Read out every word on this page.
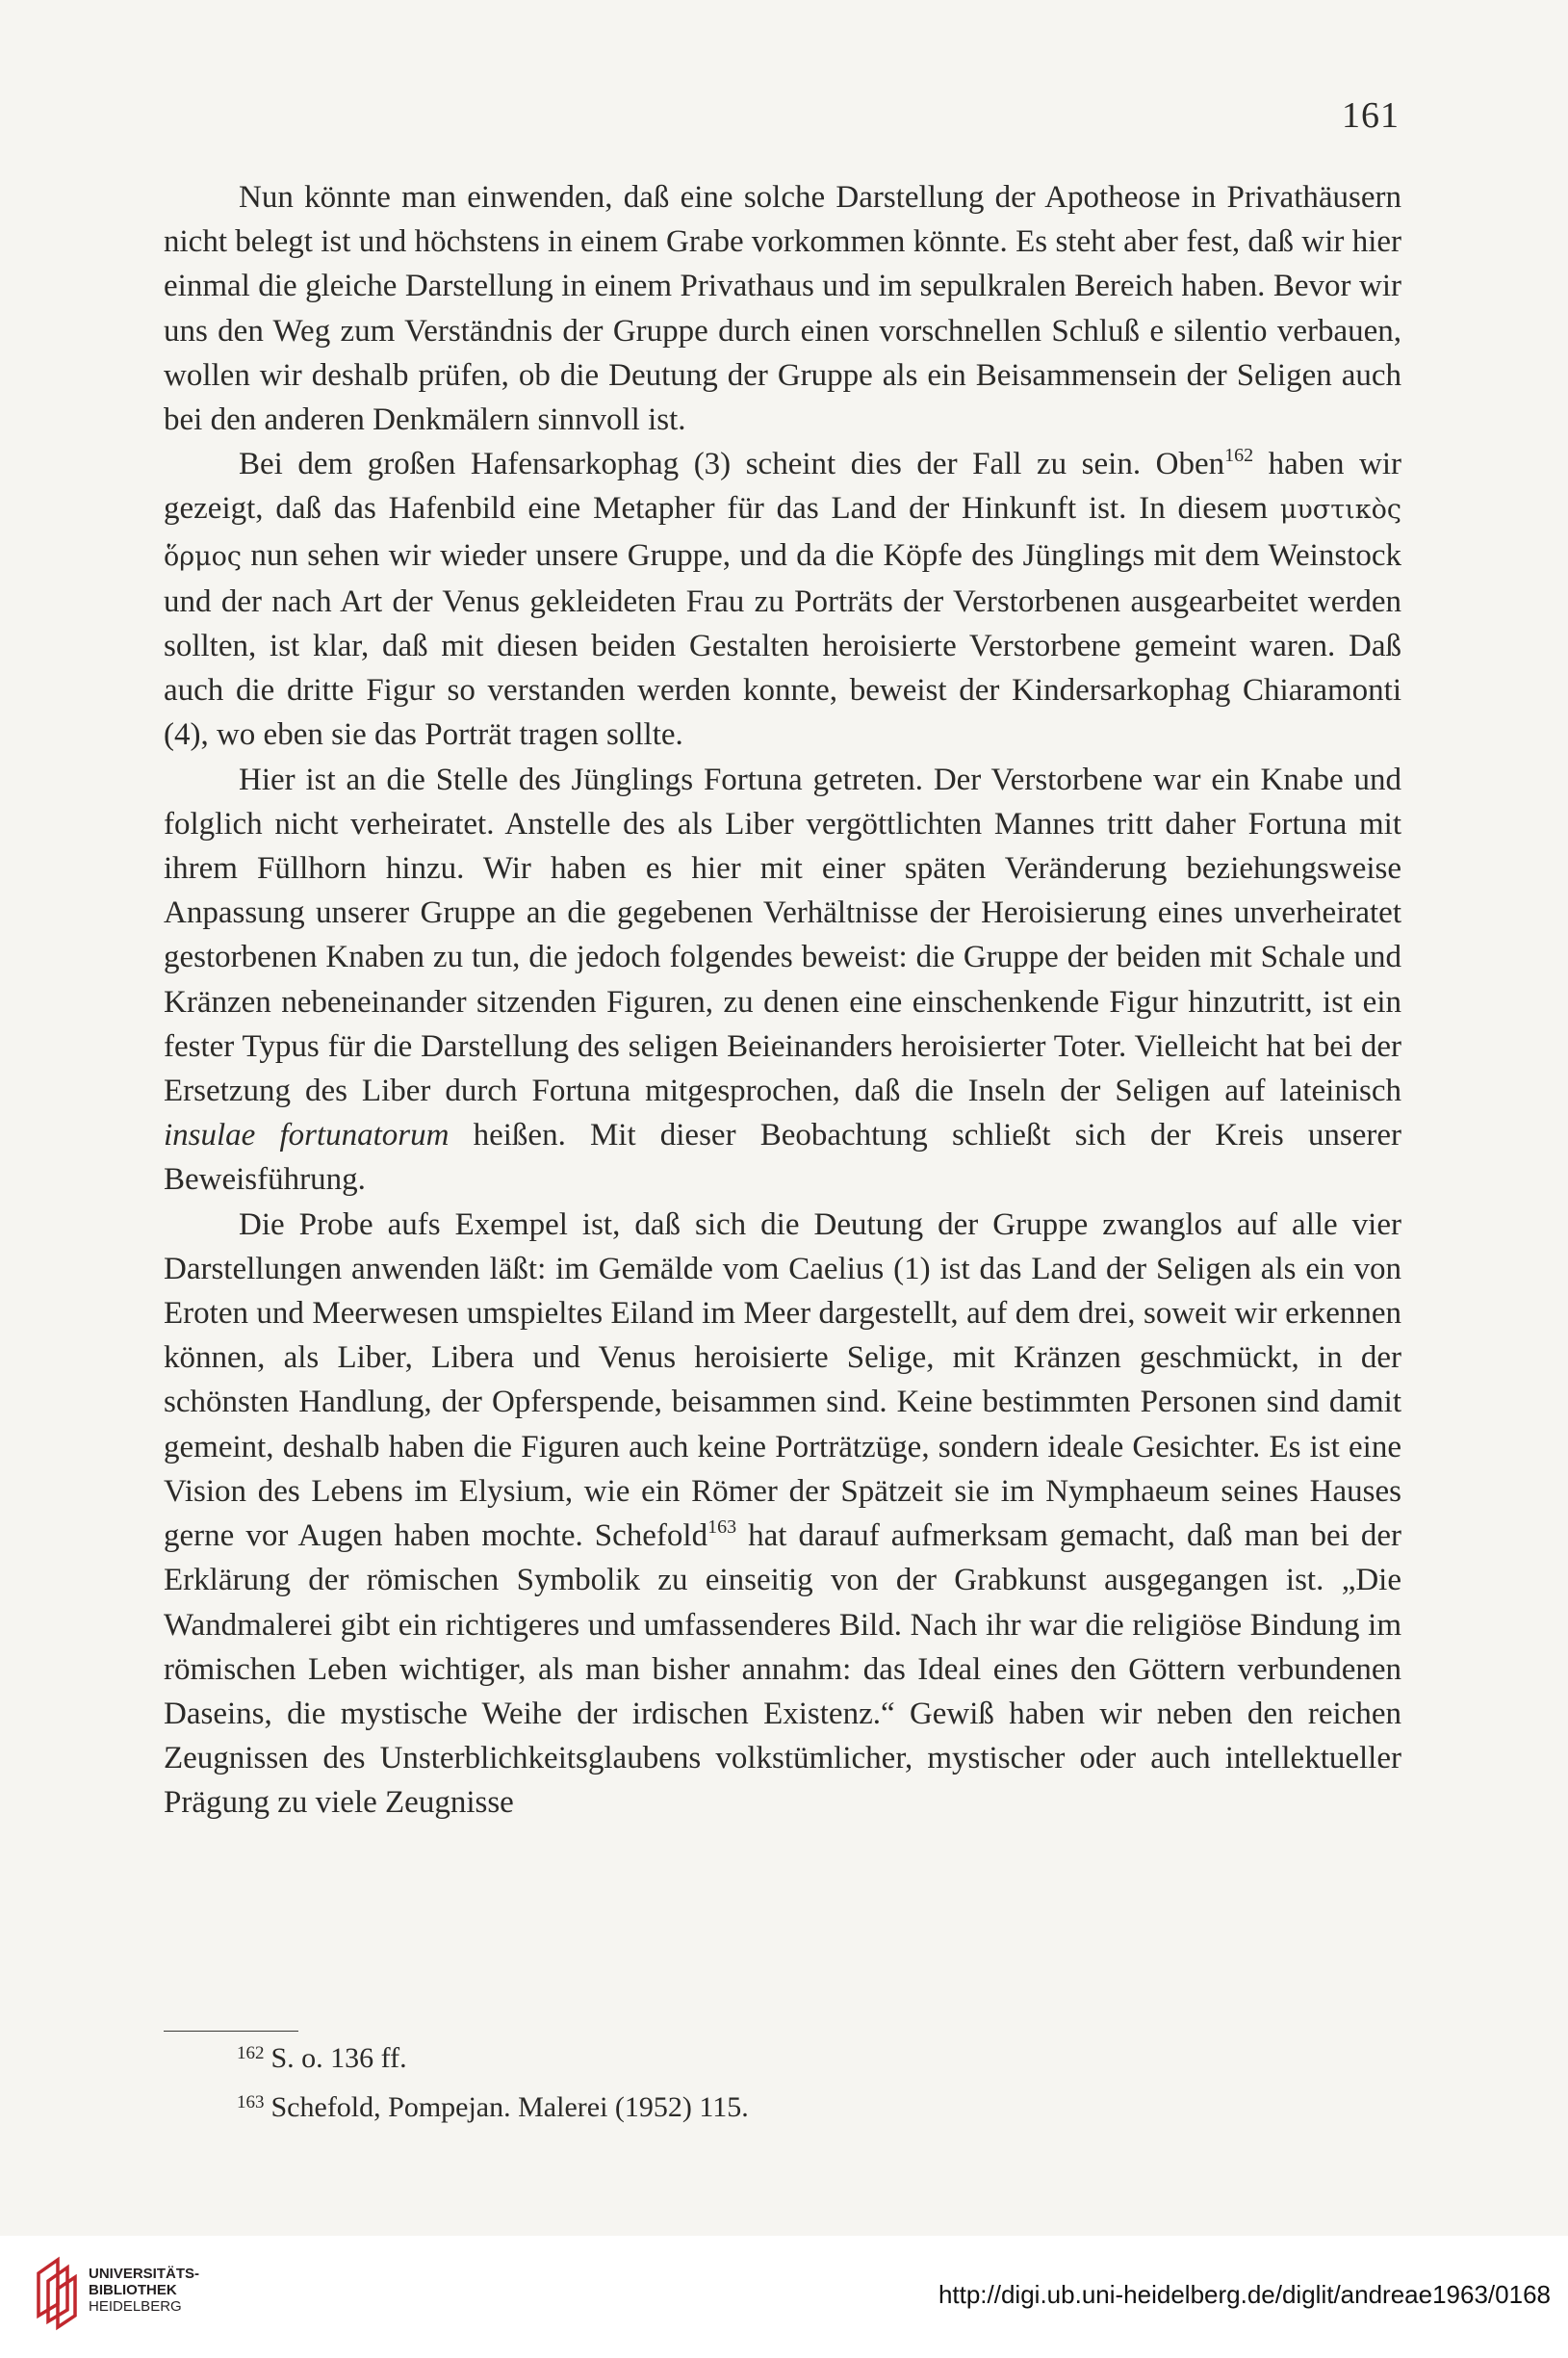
161

Nun könnte man einwenden, daß eine solche Darstellung der Apotheose in Privathäusern nicht belegt ist und höchstens in einem Grabe vorkommen könnte. Es steht aber fest, daß wir hier einmal die gleiche Darstellung in einem Privathaus und im sepulkralen Bereich haben. Bevor wir uns den Weg zum Verständnis der Gruppe durch einen vorschnellen Schluß e silentio verbauen, wollen wir deshalb prüfen, ob die Deutung der Gruppe als ein Beisammensein der Seligen auch bei den anderen Denkmälern sinnvoll ist.

Bei dem großen Hafensarkophag (3) scheint dies der Fall zu sein. Oben$^{162}$ haben wir gezeigt, daß das Hafenbild eine Metapher für das Land der Hinkunft ist. In diesem μυστικὸς ὅρμος nun sehen wir wieder unsere Gruppe, und da die Köpfe des Jünglings mit dem Weinstock und der nach Art der Venus gekleideten Frau zu Porträts der Verstorbenen ausgearbeitet werden sollten, ist klar, daß mit diesen beiden Gestalten heroisierte Verstorbene gemeint waren. Daß auch die dritte Figur so verstanden werden konnte, beweist der Kindersarkophag Chiaramonti (4), wo eben sie das Porträt tragen sollte.

Hier ist an die Stelle des Jünglings Fortuna getreten. Der Verstorbene war ein Knabe und folglich nicht verheiratet. Anstelle des als Liber vergöttlichten Mannes tritt daher Fortuna mit ihrem Füllhorn hinzu. Wir haben es hier mit einer späten Veränderung beziehungsweise Anpassung unserer Gruppe an die gegebenen Verhältnisse der Heroisierung eines unverheiratet gestorbenen Knaben zu tun, die jedoch folgendes beweist: die Gruppe der beiden mit Schale und Kränzen nebeneinander sitzenden Figuren, zu denen eine einschenkende Figur hinzutritt, ist ein fester Typus für die Darstellung des seligen Beieinanders heroisierter Toter. Vielleicht hat bei der Ersetzung des Liber durch Fortuna mitgesprochen, daß die Inseln der Seligen auf lateinisch insulae fortunatorum heißen. Mit dieser Beobachtung schließt sich der Kreis unserer Beweisführung.

Die Probe aufs Exempel ist, daß sich die Deutung der Gruppe zwanglos auf alle vier Darstellungen anwenden läßt: im Gemälde vom Caelius (1) ist das Land der Seligen als ein von Eroten und Meerwesen umspieltes Eiland im Meer dargestellt, auf dem drei, soweit wir erkennen können, als Liber, Libera und Venus heroisierte Selige, mit Kränzen geschmückt, in der schönsten Handlung, der Opferspende, beisammen sind. Keine bestimmten Personen sind damit gemeint, deshalb haben die Figuren auch keine Porträtzüge, sondern ideale Gesichter. Es ist eine Vision des Lebens im Elysium, wie ein Römer der Spätzeit sie im Nymphaeum seines Hauses gerne vor Augen haben mochte. Schefold$^{163}$ hat darauf aufmerksam gemacht, daß man bei der Erklärung der römischen Symbolik zu einseitig von der Grabkunst ausgegangen ist. „Die Wandmalerei gibt ein richtigeres und umfassenderes Bild. Nach ihr war die religiöse Bindung im römischen Leben wichtiger, als man bisher annahm: das Ideal eines den Göttern verbundenen Daseins, die mystische Weihe der irdischen Existenz.“ Gewiß haben wir neben den reichen Zeugnissen des Unsterblichkeitsglaubens volkstümlicher, mystischer oder auch intellektueller Prägung zu viele Zeugnisse

$^{162}$ S. o. 136 ff.
$^{163}$ Schefold, Pompejan. Malerei (1952) 115.
UNIVERSITÄTS-
BIBLIOTHEK
HEIDELBERG	http://digi.ub.uni-heidelberg.de/diglit/andreae1963/0168
